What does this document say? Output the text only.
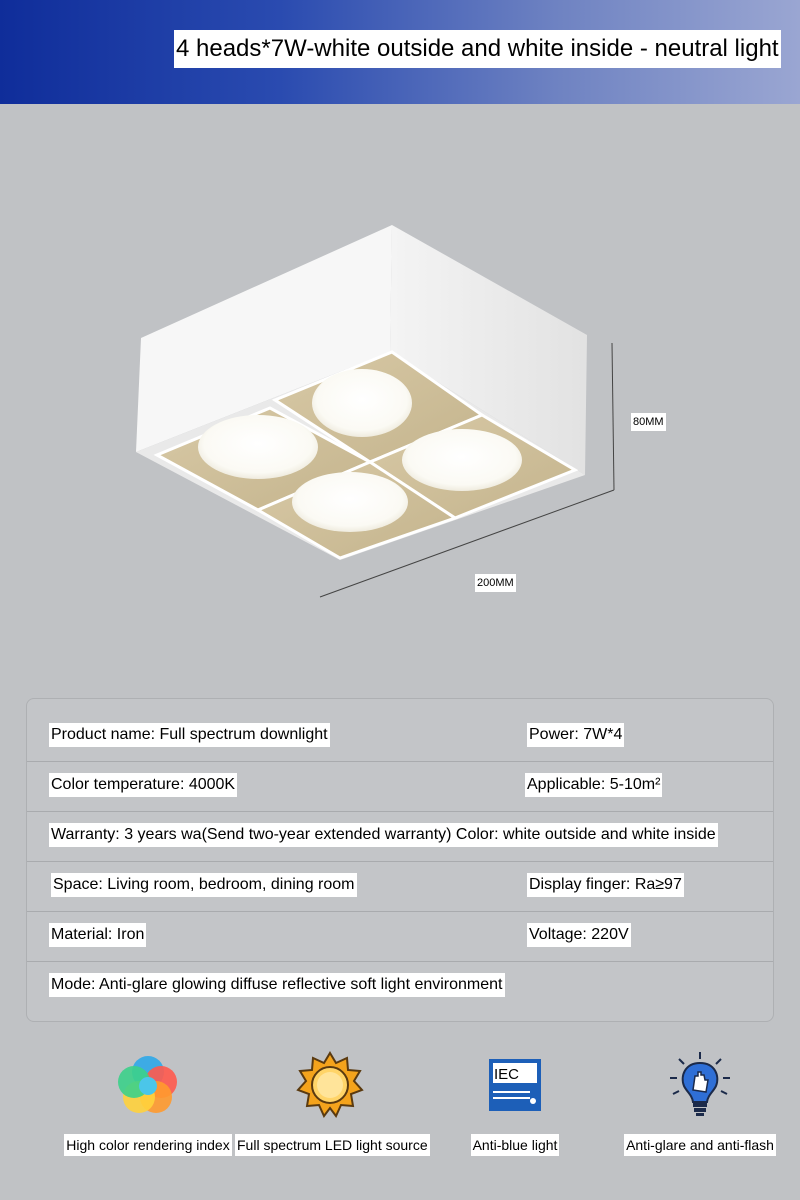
4 heads*7W-white outside and white inside - neutral light
80MM
200MM
Product name: Full spectrum downlight	Power: 7W*4
Color temperature: 4000K	Applicable: 5-10m²
Warranty: 3 years wa(Send two-year extended warranty) Color: white outside and white inside
Space: Living room, bedroom, dining room	Display finger: Ra≥97
Material: Iron	Voltage: 220V
Mode: Anti-glare glowing diffuse reflective soft light environment
High color rendering index Full spectrum LED light source
IEC
Anti-blue light	Anti-glare and anti-flash
